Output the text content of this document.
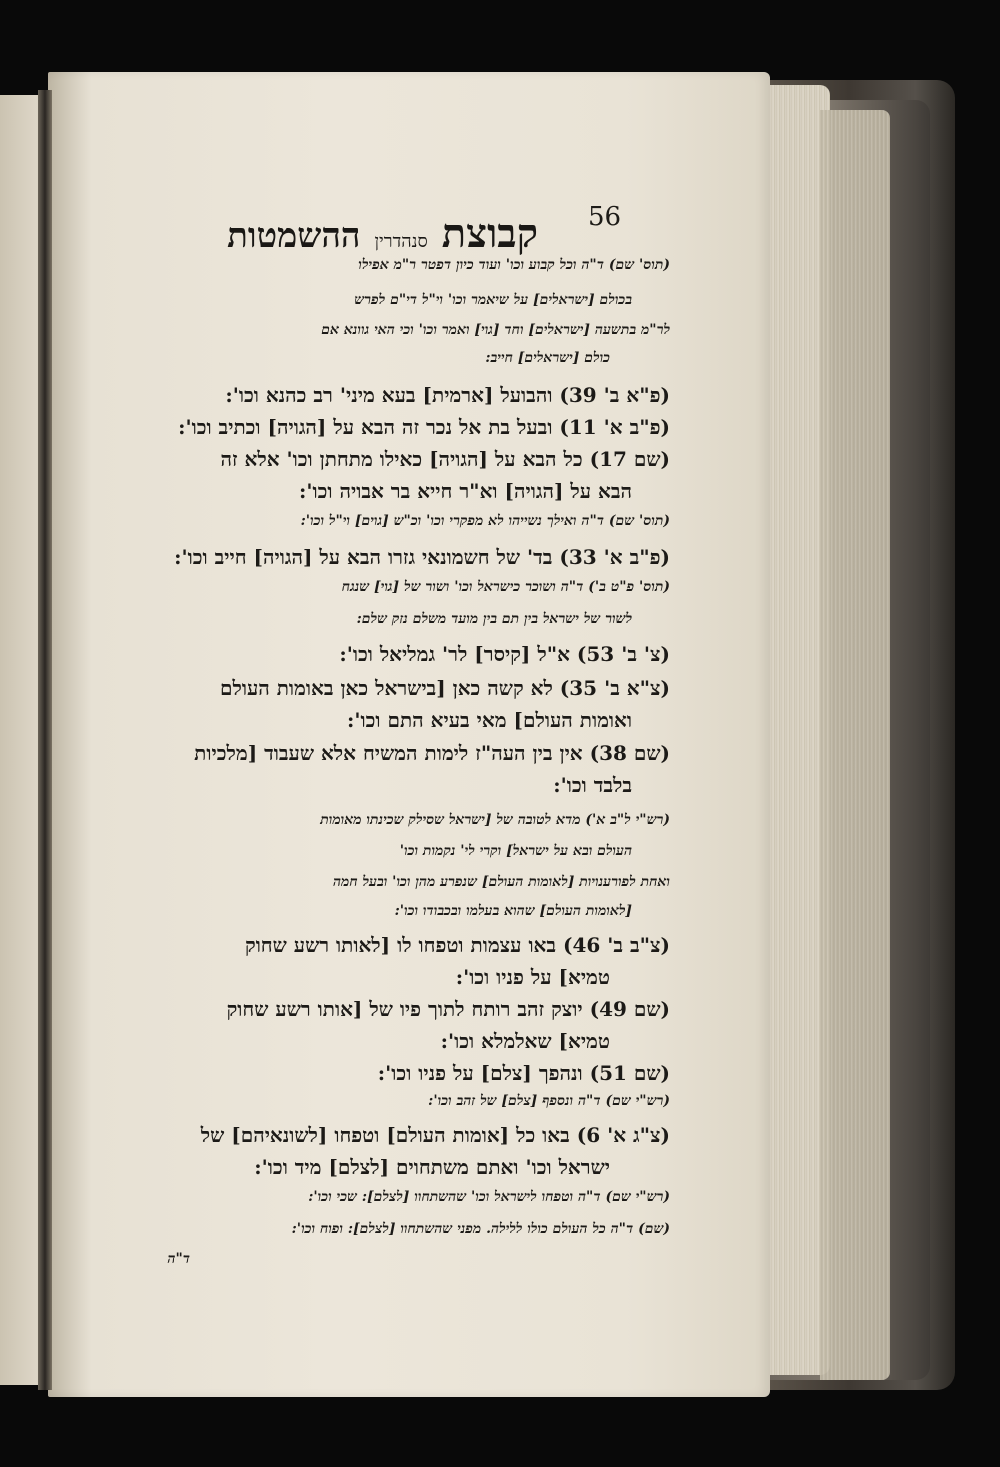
56
קבוצתסנהדריןההשמטות
(תוס' שם) ד"ה וכל קבוע וכו' ועוד כיון דפטר ר"מ אפילו
בכולם [ישראלים] על שיאמר וכו' וי"ל די"ם לפרש
לר"מ בתשעה [ישראלים] וחד [גוי] ואמר וכו' וכי האי גוונא אם
כולם [ישראלים] חייב:
(פ"א ב' 39) והבועל [ארמית] בעא מיני' רב כהנא וכו':
(פ"ב א' 11) ובעל בת אל נכר זה הבא על [הגויה] וכתיב וכו':
(שם 17) כל הבא על [הגויה] כאילו מתחתן וכו' אלא זה
הבא על [הגויה] וא"ר חייא בר אבויה וכו':
(תוס' שם) ד"ה ואילך נשייהו לא מפקרי וכו' וכ"ש [גוים] וי"ל וכו':
(פ"ב א' 33) בד' של חשמונאי גזרו הבא על [הגויה] חייב וכו':
(תוס' פ"ט ב') ד"ה ושוכר כישראל וכו' ושור של [גוי] שנגח
לשור של ישראל בין תם בין מועד משלם נזק שלם:
(צ' ב' 53) א"ל [קיסר] לר' גמליאל וכו':
(צ"א ב' 35) לא קשה כאן [בישראל כאן באומות העולם
ואומות העולם] מאי בעיא התם וכו':
(שם 38) אין בין העה"ז לימות המשיח אלא שעבוד [מלכיות
בלבד וכו':
(רש"י ל"ב א') מדא לטובה של [ישראל שסילק שכינתו מאומות
העולם ובא על ישראל] וקרי לי' נקמות וכו'
ואחת לפורענויות [לאומות העולם] שנפרע מהן וכו' ובעל חמה
[לאומות העולם] שהוא בעלמו ובכבודו וכו':
(צ"ב ב' 46) באו עצמות וטפחו לו [לאותו רשע שחוק
טמיא] על פניו וכו':
(שם 49) יוצק זהב רותח לתוך פיו של [אותו רשע שחוק
טמיא] שאלמלא וכו':
(שם 51) ונהפך [צלם] על פניו וכו':
(רש"י שם) ד"ה ונספף [צלם] של זהב וכו':
(צ"ג א' 6) באו כל [אומות העולם] וטפחו [לשונאיהם] של
ישראל וכו' ואתם משתחוים [לצלם] מיד וכו':
(רש"י שם) ד"ה וטפחו לישראל וכו' שהשתחוו [לצלם]: שכי וכו':
(שם) ד"ה כל העולם כולו ללילה. מפני שהשתחוו [לצלם]: ופוח וכו':
ד"ה
